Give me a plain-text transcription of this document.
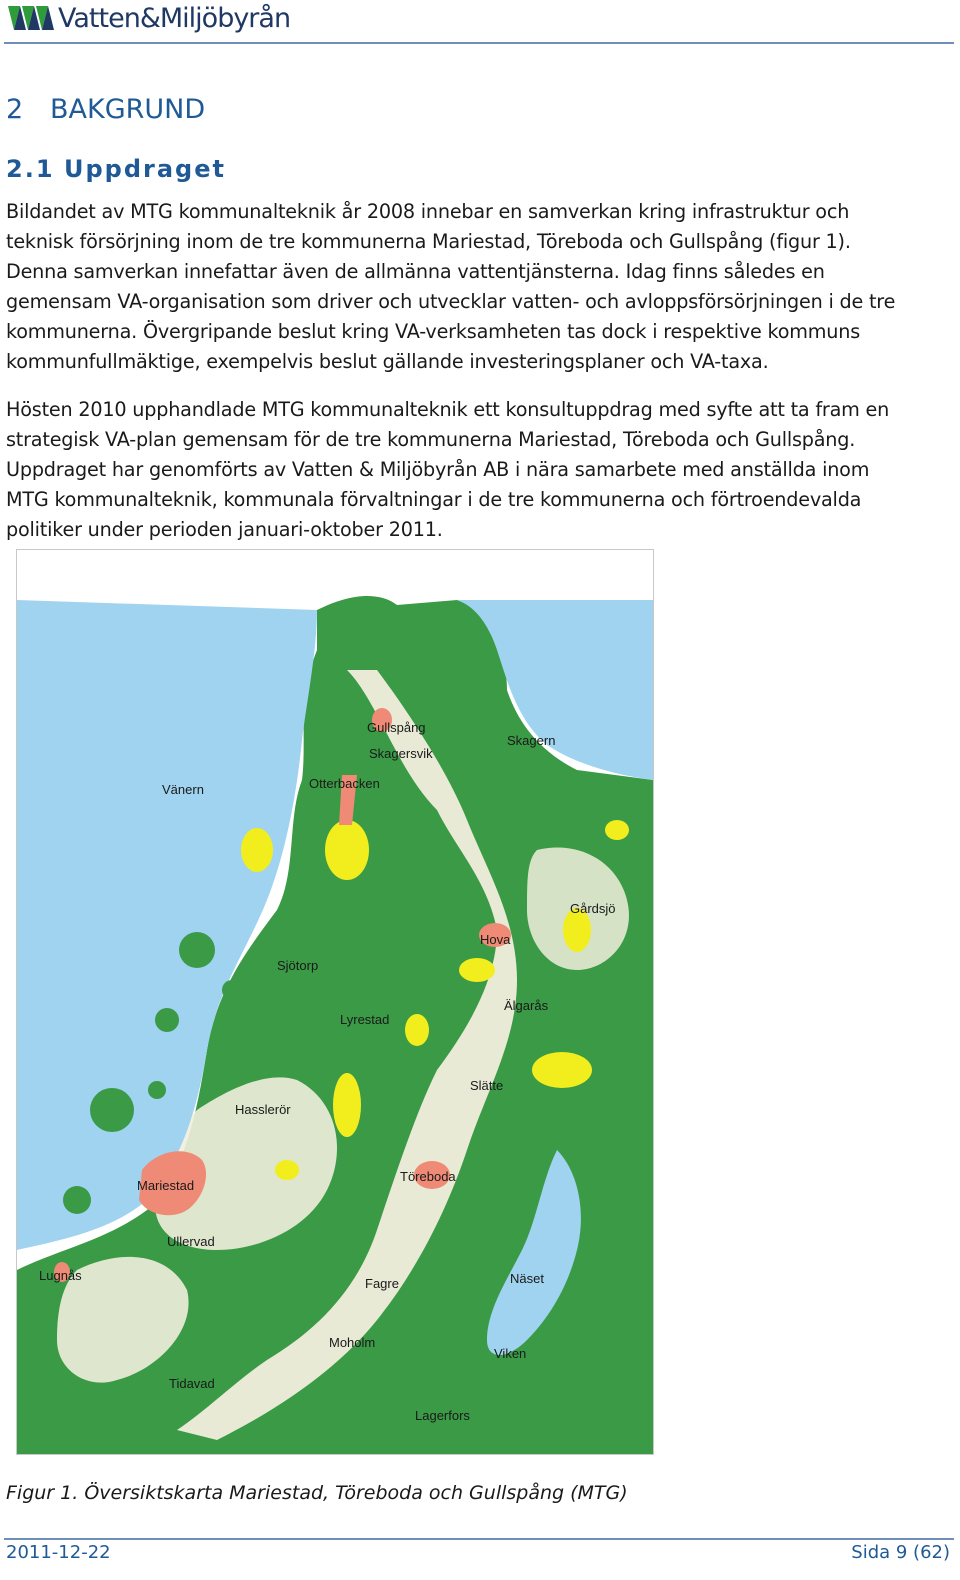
Vatten&Miljöbyrån
2 BAKGRUND
2.1 Uppdraget

Bildandet av MTG kommunalteknik år 2008 innebar en samverkan kring infrastruktur och
teknisk försörjning inom de tre kommunerna Mariestad, Töreboda och Gullspång (figur 1).
Denna samverkan innefattar även de allmänna vattentjänsterna. Idag finns således en
gemensam VA-organisation som driver och utvecklar vatten- och avloppsförsörjningen i de tre
kommunerna. Övergripande beslut kring VA-verksamheten tas dock i respektive kommuns
kommunfullmäktige, exempelvis beslut gällande investeringsplaner och VA-taxa.

Hösten 2010 upphandlade MTG kommunalteknik ett konsultuppdrag med syfte att ta fram en
strategisk VA-plan gemensam för de tre kommunerna Mariestad, Töreboda och Gullspång.
Uppdraget har genomförts av Vatten & Miljöbyrån AB i nära samarbete med anställda inom
MTG kommunalteknik, kommunala förvaltningar i de tre kommunerna och förtroendevalda
politiker under perioden januari-oktober 2011.

Gullspång
Skagersvik
Skagern
Otterbacken
Vänern
Gårdsjö
Hova
Sjötorp
Älgarås
Lyrestad
Slätte
Hasslerör
Mariestad
Töreboda
Ullervad
Lugnås
Fagre	Näset
Moholm
Viken
Tidavad
Lagerfors
Figur 1. Översiktskarta Mariestad, Töreboda och Gullspång (MTG)
2011-12-22	Sida 9 (62)
